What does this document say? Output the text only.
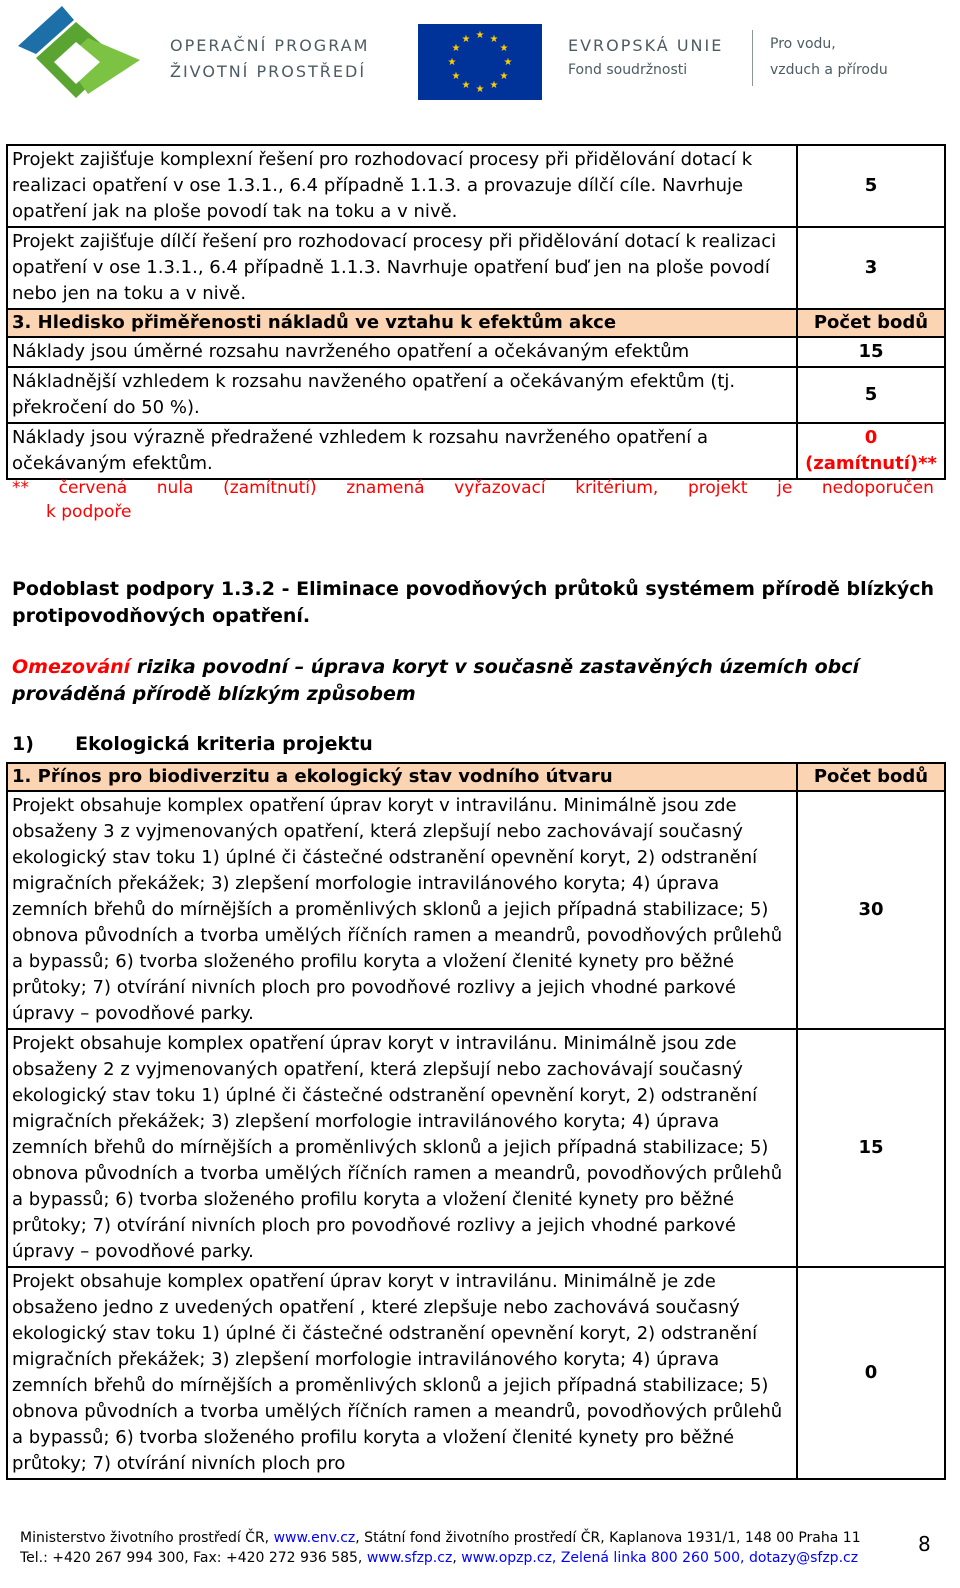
OPERAČNÍ PROGRAM
ŽIVOTNÍ PROSTŘEDÍ
★ ★
★
★
★
★
★
★
★
★
★
★	EVROPSKÁ UNIE
Fond soudržnosti
Pro vodu,
vzduch a přírodu
Projekt zajišťuje komplexní řešení pro rozhodovací procesy při přidělování dotací k realizaci opatření v ose 1.3.1., 6.4 případně 1.1.3. a provazuje dílčí cíle. Navrhuje opatření jak na ploše povodí tak na toku a v nivě.	5
Projekt zajišťuje dílčí řešení pro rozhodovací procesy při přidělování dotací k realizaci opatření v ose 1.3.1., 6.4 případně 1.1.3. Navrhuje opatření buď jen na ploše povodí nebo jen na toku a v nivě.	3
3. Hledisko přiměřenosti nákladů ve vztahu k efektům akce	Počet bodů
Náklady jsou úměrné rozsahu navrženého opatření a očekávaným efektům	15
Nákladnější vzhledem k rozsahu navženého opatření a očekávaným efektům (tj. překročení do 50 %).	5
Náklady jsou výrazně předražené vzhledem k rozsahu navrženého opatření a očekávaným efektům.	0
(zamítnutí)**
** červená nula (zamítnutí) znamená vyřazovací kritérium, projekt je nedoporučen
k podpoře
Podoblast podpory 1.3.2 - Eliminace povodňových průtoků systémem přírodě blízkých protipovodňových opatření.
Omezování rizika povodní – úprava koryt v současně zastavěných územích obcí prováděná přírodě blízkým způsobem
1) Ekologická kriteria projektu
1. Přínos pro biodiverzitu a ekologický stav vodního útvaru	Počet bodů
Projekt obsahuje komplex opatření úprav koryt v intravilánu. Minimálně jsou zde obsaženy 3 z vyjmenovaných opatření, která zlepšují nebo zachovávají současný ekologický stav toku 1) úplné či částečné odstranění opevnění koryt, 2) odstranění migračních překážek; 3) zlepšení morfologie intravilánového koryta; 4) úprava zemních břehů do mírnějších a proměnlivých sklonů a jejich případná stabilizace; 5) obnova původních a tvorba umělých říčních ramen a meandrů, povodňových průlehů a bypassů; 6) tvorba složeného profilu koryta a vložení členité kynety pro běžné průtoky; 7) otvírání nivních ploch pro povodňové rozlivy a jejich vhodné parkové úpravy – povodňové parky.	30
Projekt obsahuje komplex opatření úprav koryt v intravilánu. Minimálně jsou zde obsaženy 2 z vyjmenovaných opatření, která zlepšují nebo zachovávají současný ekologický stav toku 1) úplné či částečné odstranění opevnění koryt, 2) odstranění migračních překážek; 3) zlepšení morfologie intravilánového koryta; 4) úprava zemních břehů do mírnějších a proměnlivých sklonů a jejich případná stabilizace; 5) obnova původních a tvorba umělých říčních ramen a meandrů, povodňových průlehů a bypassů; 6) tvorba složeného profilu koryta a vložení členité kynety pro běžné průtoky; 7) otvírání nivních ploch pro povodňové rozlivy a jejich vhodné parkové úpravy – povodňové parky.	15
Projekt obsahuje komplex opatření úprav koryt v intravilánu. Minimálně je zde obsaženo jedno z uvedených opatření , které zlepšuje nebo zachovává současný ekologický stav toku 1) úplné či částečné odstranění opevnění koryt, 2) odstranění migračních překážek; 3) zlepšení morfologie intravilánového koryta; 4) úprava zemních břehů do mírnějších a proměnlivých sklonů a jejich případná stabilizace; 5) obnova původních a tvorba umělých říčních ramen a meandrů, povodňových průlehů a bypassů; 6) tvorba složeného profilu koryta a vložení členité kynety pro běžné průtoky; 7) otvírání nivních ploch pro	0
Ministerstvo životního prostředí ČR, www.env.cz, Státní fond životního prostředí ČR, Kaplanova 1931/1, 148 00 Praha 11
Tel.: +420 267 994 300, Fax: +420 272 936 585, www.sfzp.cz, www.opzp.cz, Zelená linka 800 260 500, dotazy@sfzp.cz
8
